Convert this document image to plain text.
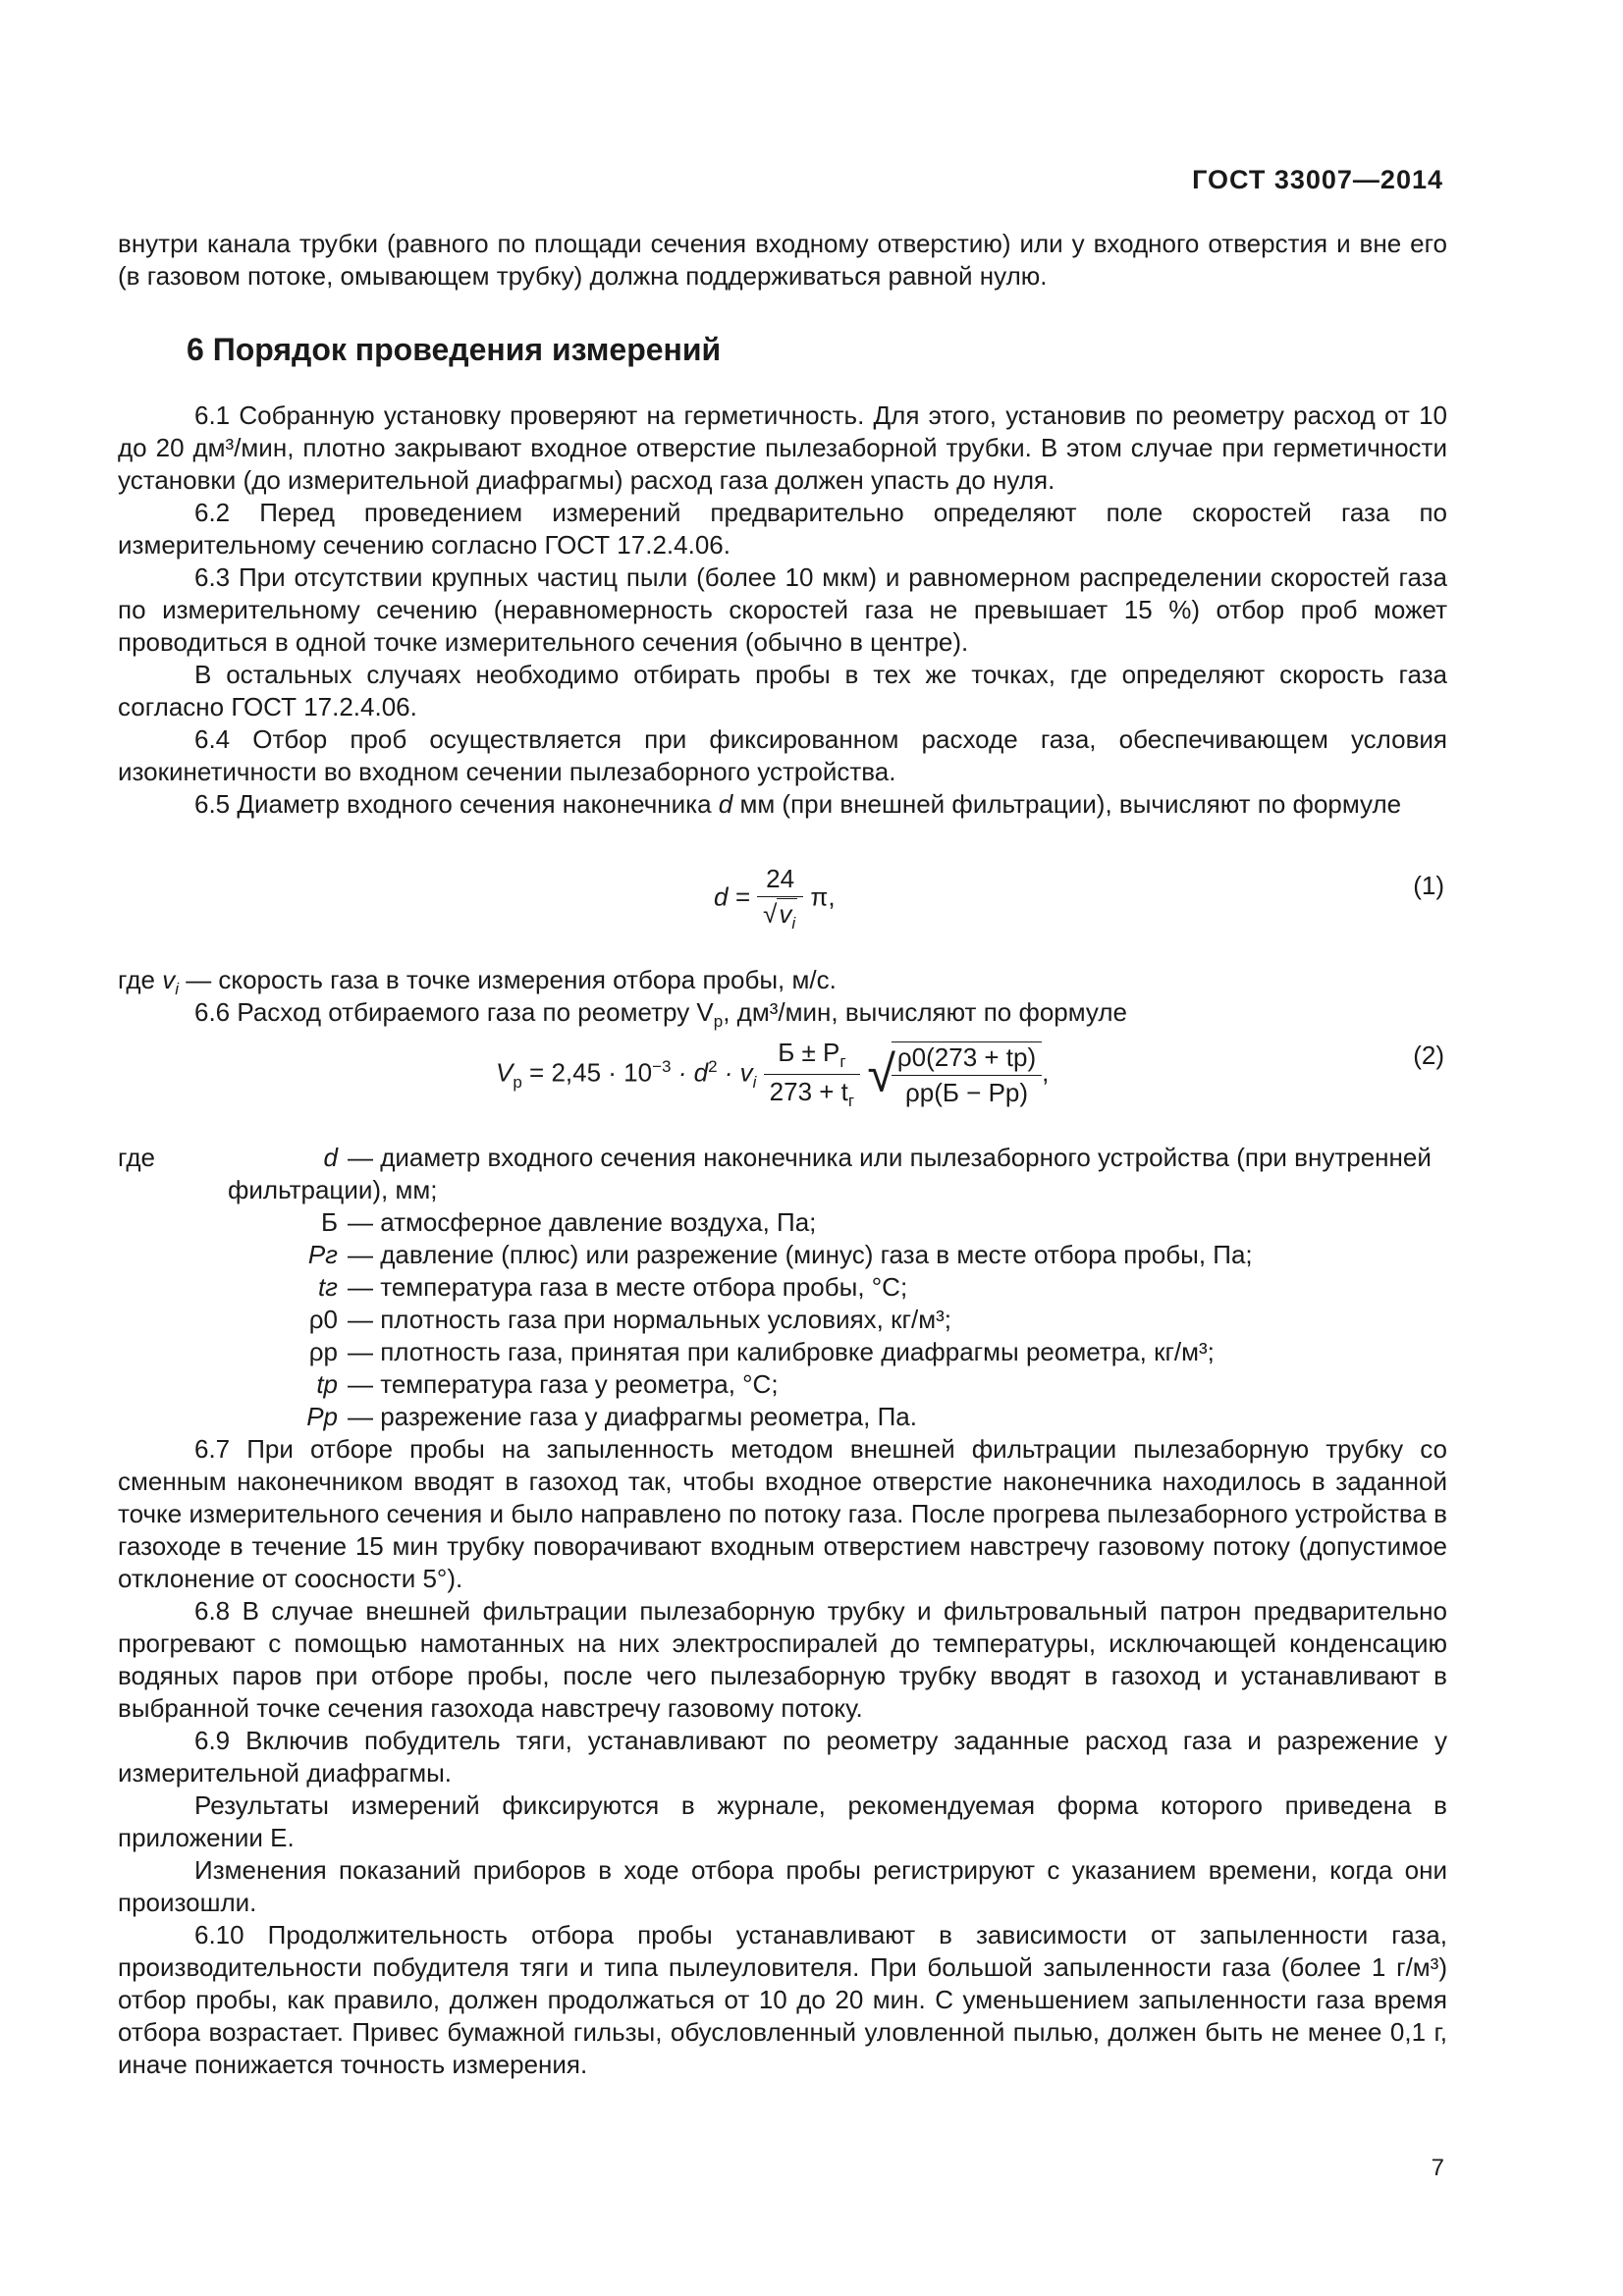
ГОСТ 33007—2014

внутри канала трубки (равного по площади сечения входному отверстию) или у входного отверстия и вне его (в газовом потоке, омывающем трубку) должна поддерживаться равной нулю.

6 Порядок проведения измерений

6.1 Собранную установку проверяют на герметичность. Для этого, установив по реометру расход от 10 до 20 дм³/мин, плотно закрывают входное отверстие пылезаборной трубки. В этом случае при герметичности установки (до измерительной диафрагмы) расход газа должен упасть до нуля.

6.2 Перед проведением измерений предварительно определяют поле скоростей газа по измерительному сечению согласно ГОСТ 17.2.4.06.

6.3 При отсутствии крупных частиц пыли (более 10 мкм) и равномерном распределении скоростей газа по измерительному сечению (неравномерность скоростей газа не превышает 15 %) отбор проб может проводиться в одной точке измерительного сечения (обычно в центре).

В остальных случаях необходимо отбирать пробы в тех же точках, где определяют скорость газа согласно ГОСТ 17.2.4.06.

6.4 Отбор проб осуществляется при фиксированном расходе газа, обеспечивающем условия изокинетичности во входном сечении пылезаборного устройства.

6.5 Диаметр входного сечения наконечника d мм (при внешней фильтрации), вычисляют по формуле

$d = \frac{24}{√v_i} \pi$,	(1)
где $v_i$ — скорость газа в точке измерения отбора пробы, м/с.
6.6 Расход отбираемого газа по реометру $V_р$, дм³/мин, вычисляют по формуле
$V_р = 2,45 \cdot 10^{-3} \cdot d^2 \cdot v_i \frac{Б \pm P_г}{273 + t_г}$ √
$\frac{\rho 0(273 + tр)}{\rho р(Б - Pр)}$ ,
(2)
где	d — диаметр входного сечения наконечника или пылезаборного устройства (при внутренней
фильтрации), мм;
Б — атмосферное давление воздуха, Па;
Pг — давление (плюс) или разрежение (минус) газа в месте отбора пробы, Па;
tг — температура газа в месте отбора пробы, °С;
ρ0 — плотность газа при нормальных условиях, кг/м³;
ρр — плотность газа, принятая при калибровке диафрагмы реометра, кг/м³;
tр — температура газа у реометра, °С;
Pр — разрежение газа у диафрагмы реометра, Па.

6.7 При отборе пробы на запыленность методом внешней фильтрации пылезаборную трубку со сменным наконечником вводят в газоход так, чтобы входное отверстие наконечника находилось в заданной точке измерительного сечения и было направлено по потоку газа. После прогрева пылезаборного устройства в газоходе в течение 15 мин трубку поворачивают входным отверстием навстречу газовому потоку (допустимое отклонение от соосности 5°).

6.8 В случае внешней фильтрации пылезаборную трубку и фильтровальный патрон предварительно прогревают с помощью намотанных на них электроспиралей до температуры, исключающей конденсацию водяных паров при отборе пробы, после чего пылезаборную трубку вводят в газоход и устанавливают в выбранной точке сечения газохода навстречу газовому потоку.

6.9 Включив побудитель тяги, устанавливают по реометру заданные расход газа и разрежение у измерительной диафрагмы.

Результаты измерений фиксируются в журнале, рекомендуемая форма которого приведена в приложении Е.

Изменения показаний приборов в ходе отбора пробы регистрируют с указанием времени, когда они произошли.

6.10 Продолжительность отбора пробы устанавливают в зависимости от запыленности газа, производительности побудителя тяги и типа пылеуловителя. При большой запыленности газа (более 1 г/м³) отбор пробы, как правило, должен продолжаться от 10 до 20 мин. С уменьшением запыленности газа время отбора возрастает. Привес бумажной гильзы, обусловленный уловленной пылью, должен быть не менее 0,1 г, иначе понижается точность измерения.

7
